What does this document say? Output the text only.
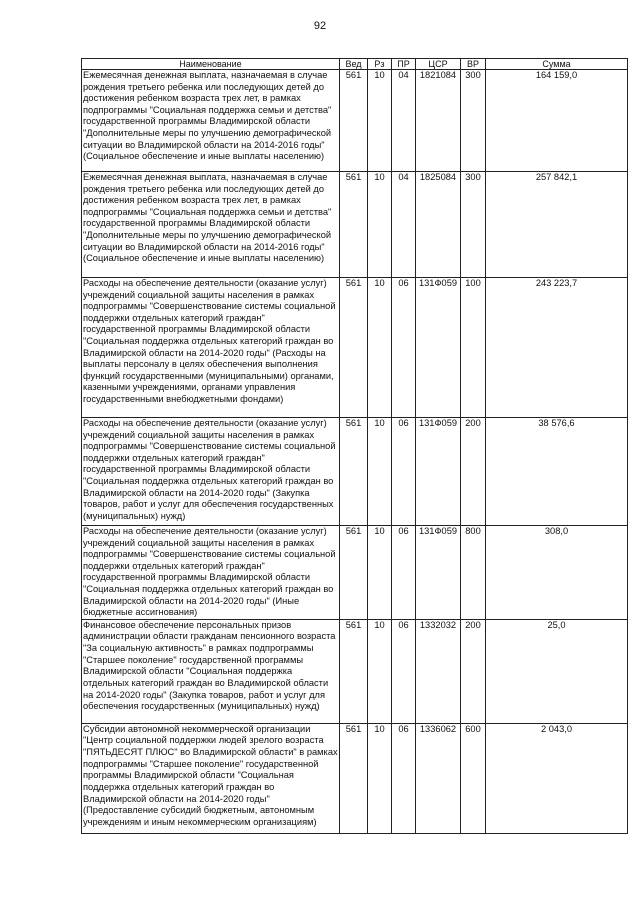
92
Наименование	Вед	Рз	ПР	ЦСР	ВР	Сумма
Ежемесячная денежная выплата, назначаемая в случае рождения третьего ребенка или последующих детей до достижения ребенком возраста трех лет, в рамках подпрограммы "Социальная поддержка семьи и детства" государственной программы Владимирской области "Дополнительные меры по улучшению демографической ситуации во Владимирской области на 2014-2016 годы" (Социальное обеспечение и иные выплаты населению)	561	10	04	1821084	300	164 159,0
Ежемесячная денежная выплата, назначаемая в случае рождения третьего ребенка или последующих детей до достижения ребенком возраста трех лет, в рамках подпрограммы "Социальная поддержка семьи и детства" государственной программы Владимирской области "Дополнительные меры по улучшению демографической ситуации во Владимирской области на 2014-2016 годы" (Социальное обеспечение и иные выплаты населению)	561	10	04	1825084	300	257 842,1
Расходы на обеспечение деятельности (оказание услуг) учреждений социальной защиты населения в рамках подпрограммы "Совершенствование системы социальной поддержки отдельных категорий граждан" государственной программы Владимирской области "Социальная поддержка отдельных категорий граждан во Владимирской области на 2014-2020 годы" (Расходы на выплаты персоналу в целях обеспечения выполнения функций государственными (муниципальными) органами, казенными учреждениями, органами управления государственными внебюджетными фондами)	561	10	06	131Ф059	100	243 223,7
Расходы на обеспечение деятельности (оказание услуг) учреждений социальной защиты населения в рамках подпрограммы "Совершенствование системы социальной поддержки отдельных категорий граждан" государственной программы Владимирской области "Социальная поддержка отдельных категорий граждан во Владимирской области на 2014-2020 годы" (Закупка товаров, работ и услуг для обеспечения государственных (муниципальных) нужд)	561	10	06	131Ф059	200	38 576,6
Расходы на обеспечение деятельности (оказание услуг) учреждений социальной защиты населения в рамках подпрограммы "Совершенствование системы социальной поддержки отдельных категорий граждан" государственной программы Владимирской области "Социальная поддержка отдельных категорий граждан во Владимирской области на 2014-2020 годы" (Иные бюджетные ассигнования)	561	10	06	131Ф059	800	308,0
Финансовое обеспечение персональных призов администрации области гражданам пенсионного возраста "За социальную активность" в рамках подпрограммы "Старшее поколение" государственной программы Владимирской области "Социальная поддержка отдельных категорий граждан во Владимирской области на 2014-2020 годы" (Закупка товаров, работ и услуг для обеспечения государственных (муниципальных) нужд)	561	10	06	1332032	200	25,0
Субсидии автономной некоммерческой организации "Центр социальной поддержки людей зрелого возраста "ПЯТЬДЕСЯТ ПЛЮС" во Владимирской области" в рамках подпрограммы "Старшее поколение" государственной программы Владимирской области "Социальная поддержка отдельных категорий граждан во Владимирской области на 2014-2020 годы" (Предоставление субсидий бюджетным, автономным учреждениям и иным некоммерческим организациям)	561	10	06	1336062	600	2 043,0
